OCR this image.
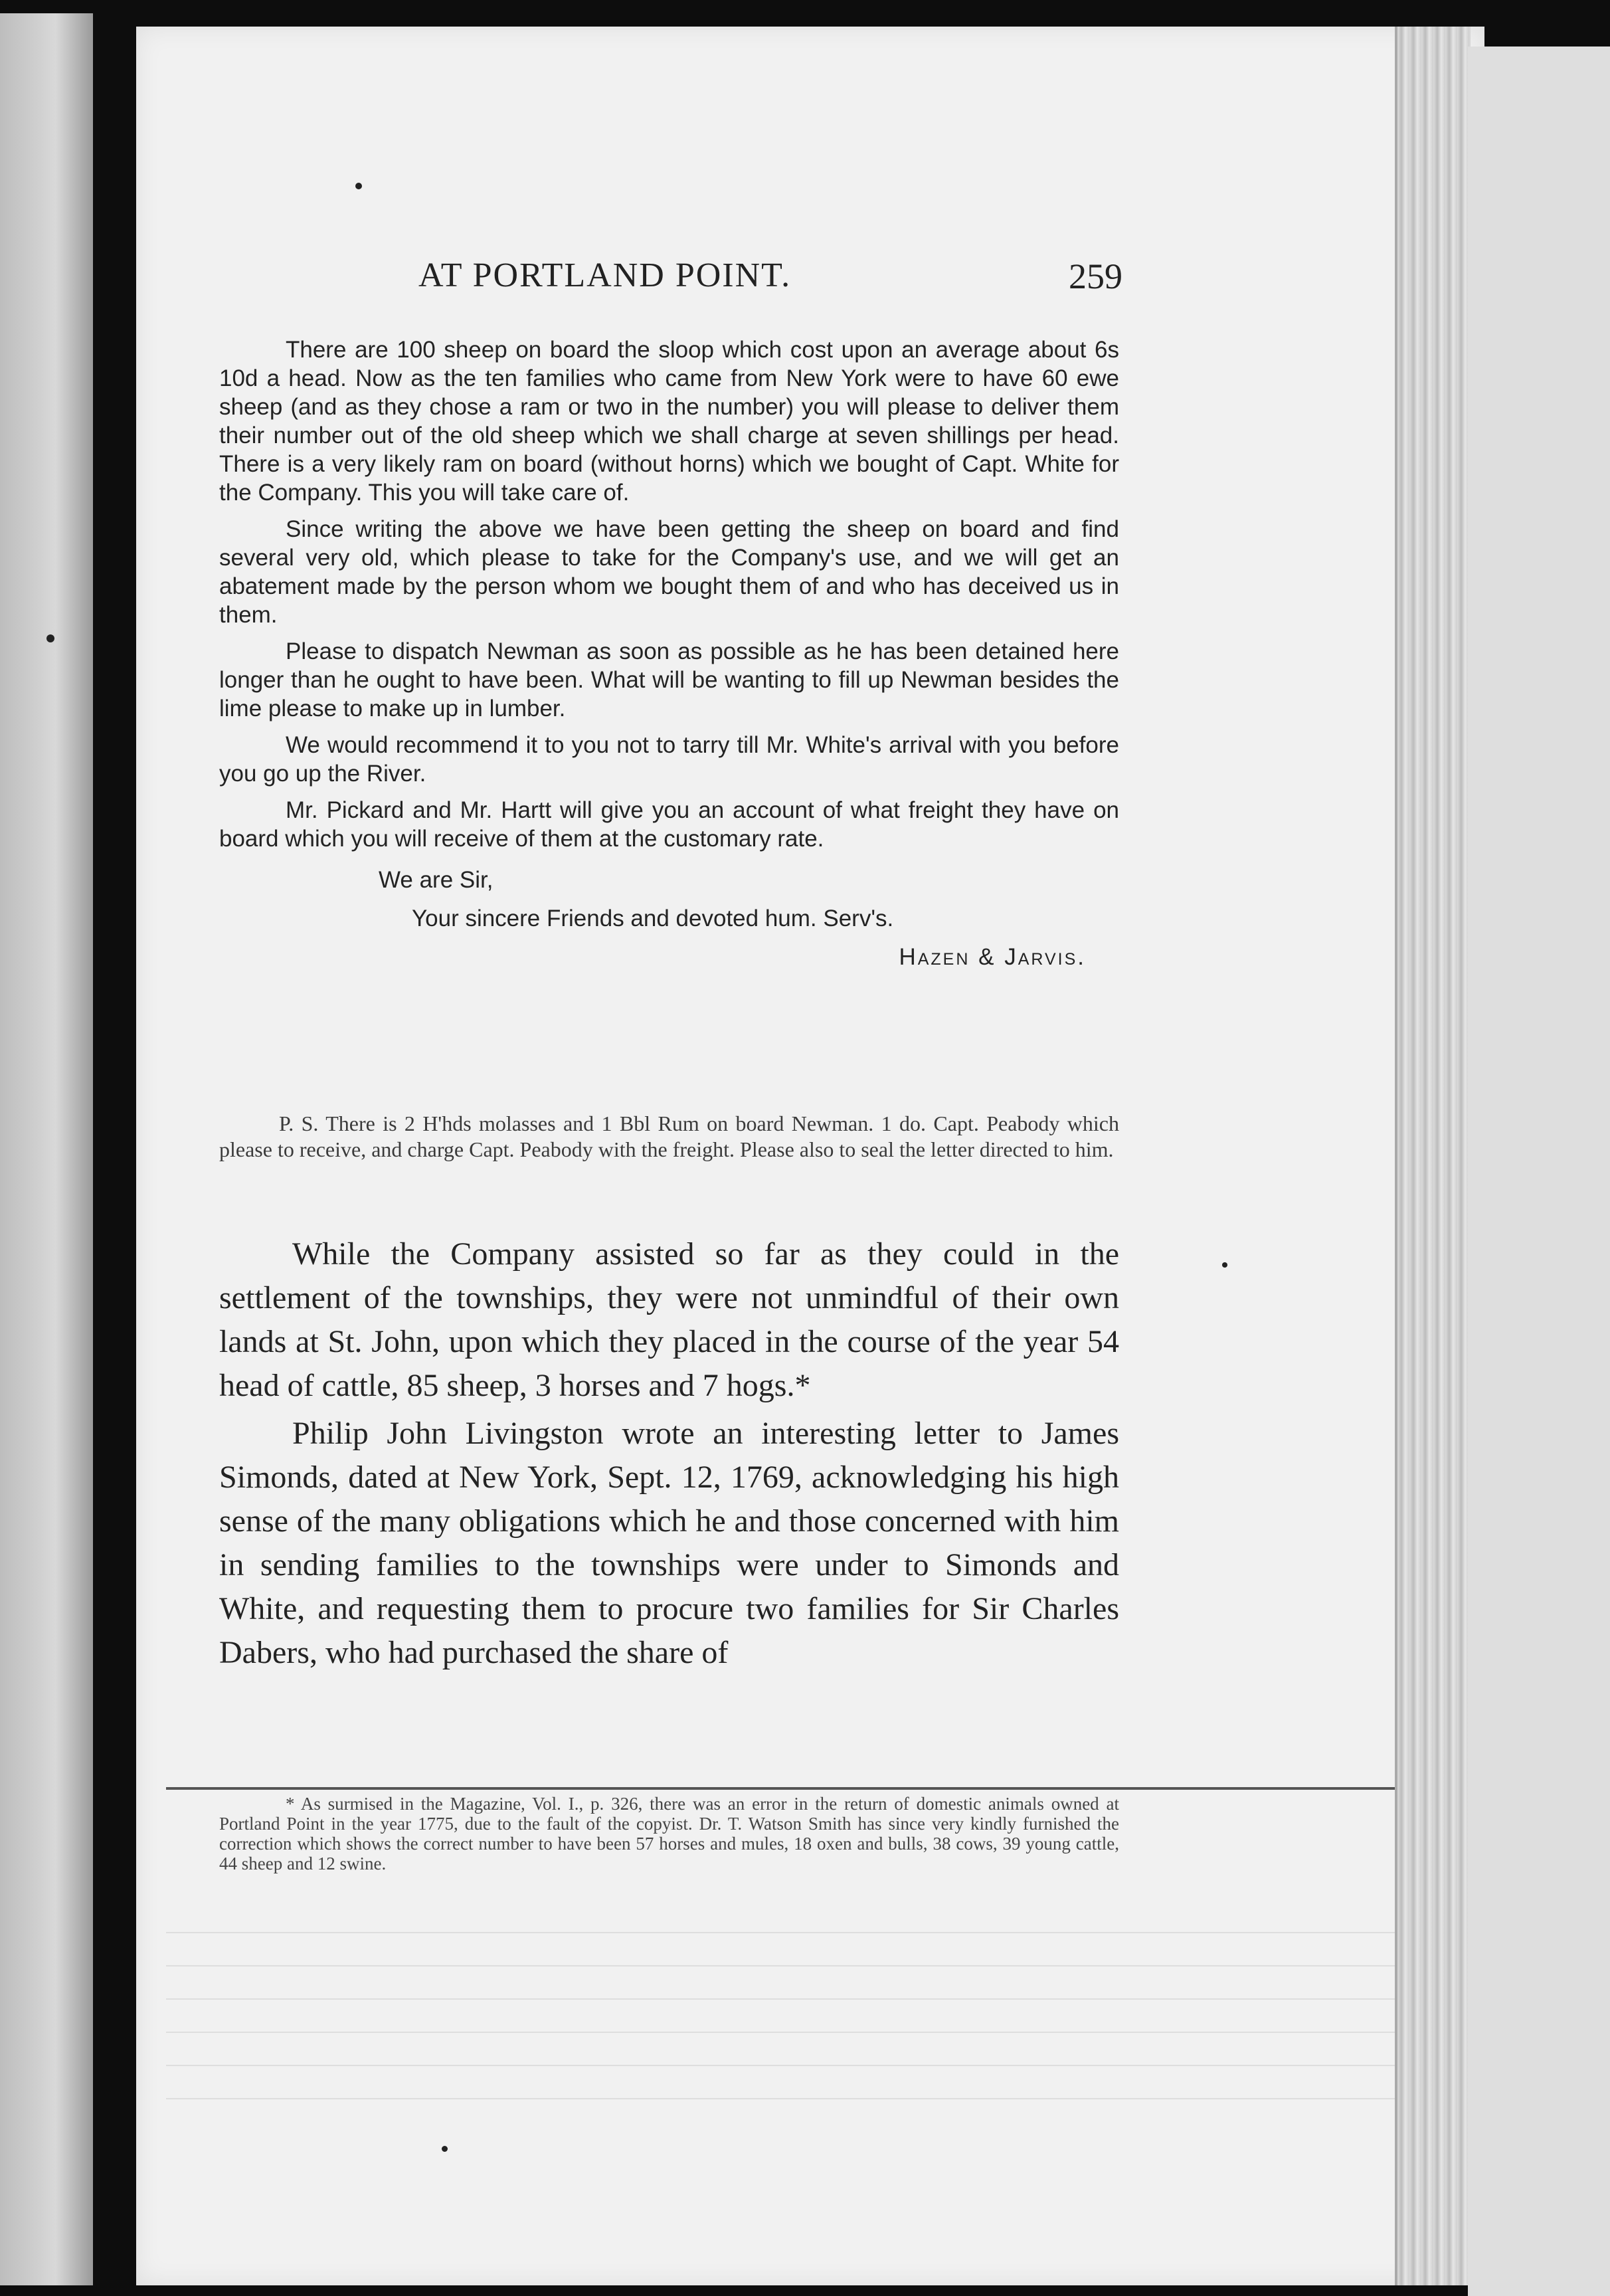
AT PORTLAND POINT.	259

There are 100 sheep on board the sloop which cost upon an average about 6s 10d a head. Now as the ten families who came from New York were to have 60 ewe sheep (and as they chose a ram or two in the number) you will please to deliver them their number out of the old sheep which we shall charge at seven shillings per head. There is a very likely ram on board (without horns) which we bought of Capt. White for the Company. This you will take care of.

Since writing the above we have been getting the sheep on board and find several very old, which please to take for the Company's use, and we will get an abatement made by the person whom we bought them of and who has deceived us in them.

Please to dispatch Newman as soon as possible as he has been detained here longer than he ought to have been. What will be wanting to fill up Newman besides the lime please to make up in lumber.

We would recommend it to you not to tarry till Mr. White's arrival with you before you go up the River.

Mr. Pickard and Mr. Hartt will give you an account of what freight they have on board which you will receive of them at the customary rate.

We are Sir,
Your sincere Friends and devoted hum. Serv's.
Hazen & Jarvis.

P. S. There is 2 H'hds molasses and 1 Bbl Rum on board Newman. 1 do. Capt. Peabody which please to receive, and charge Capt. Peabody with the freight. Please also to seal the letter directed to him.

While the Company assisted so far as they could in the settlement of the townships, they were not unmindful of their own lands at St. John, upon which they placed in the course of the year 54 head of cattle, 85 sheep, 3 horses and 7 hogs.*

Philip John Livingston wrote an interesting letter to James Simonds, dated at New York, Sept. 12, 1769, acknowledging his high sense of the many obligations which he and those concerned with him in sending families to the townships were under to Simonds and White, and requesting them to procure two families for Sir Charles Dabers, who had purchased the share of

* As surmised in the Magazine, Vol. I., p. 326, there was an error in the return of domestic animals owned at Portland Point in the year 1775, due to the fault of the copyist. Dr. T. Watson Smith has since very kindly furnished the correction which shows the correct number to have been 57 horses and mules, 18 oxen and bulls, 38 cows, 39 young cattle, 44 sheep and 12 swine.
